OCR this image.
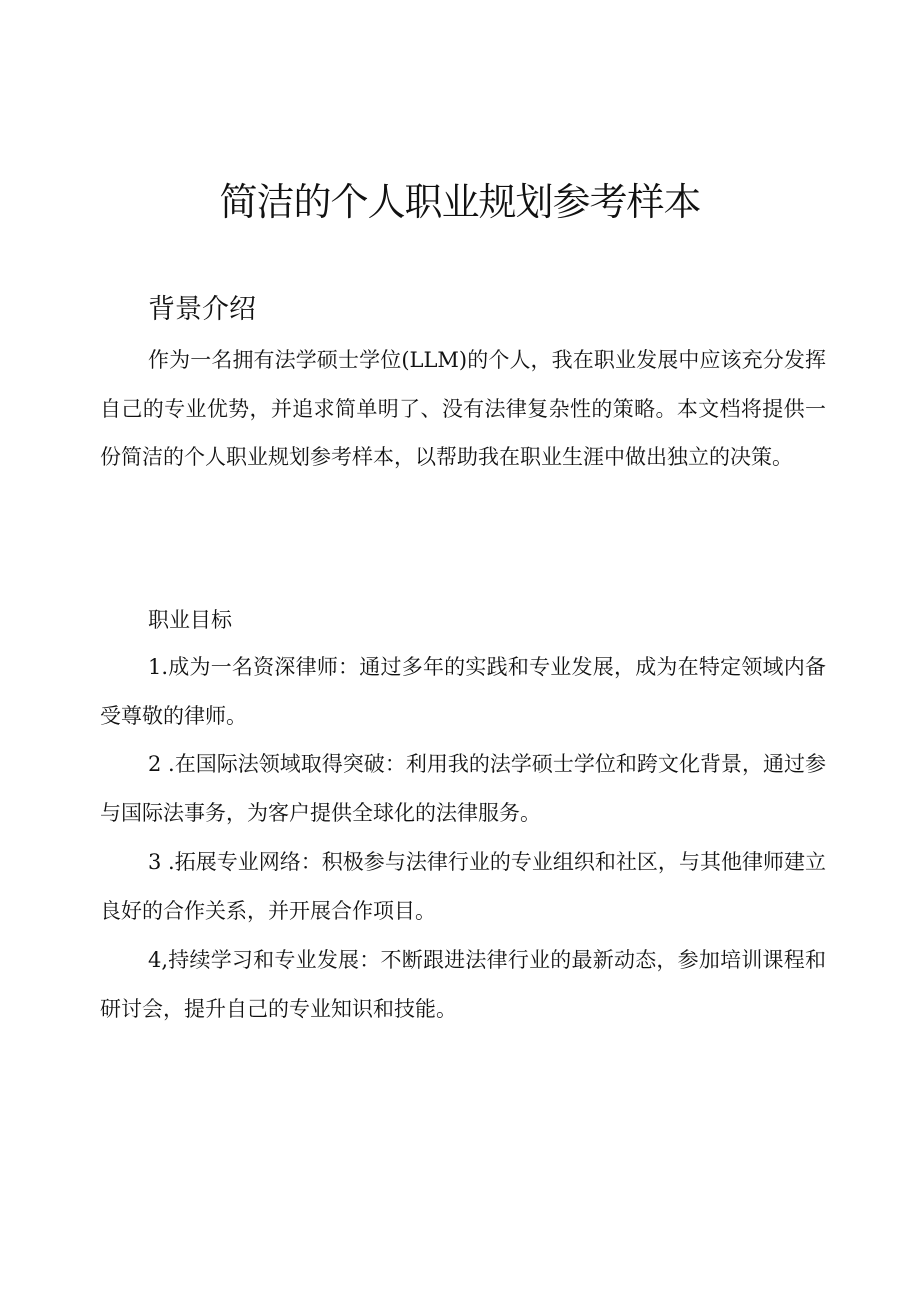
简洁的个人职业规划参考样本
背景介绍

作为一名拥有法学硕士学位(LLM)的个人，我在职业发展中应该充分发挥自己的专业优势，并追求简单明了、没有法律复杂性的策略。本文档将提供一份简洁的个人职业规划参考样本，以帮助我在职业生涯中做出独立的决策。

职业目标

1.成为一名资深律师：通过多年的实践和专业发展，成为在特定领域内备受尊敬的律师。

2 .在国际法领域取得突破：利用我的法学硕士学位和跨文化背景，通过参与国际法事务，为客户提供全球化的法律服务。

3 .拓展专业网络：积极参与法律行业的专业组织和社区，与其他律师建立良好的合作关系，并开展合作项目。

4,持续学习和专业发展：不断跟进法律行业的最新动态，参加培训课程和研讨会，提升自己的专业知识和技能。
